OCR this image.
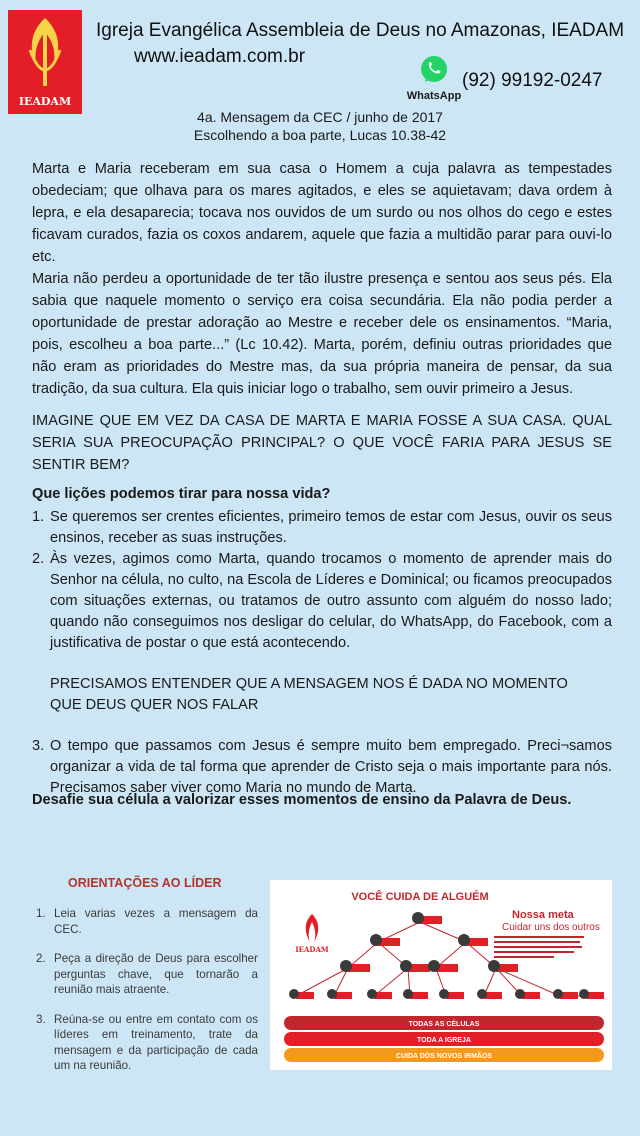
IEADAM
Igreja Evangélica Assembleia de Deus no Amazonas, IEADAM
www.ieadam.com.br
WhatsApp
(92) 99192-0247
4a. Mensagem da CEC / junho de 2017
Escolhendo a boa parte, Lucas 10.38-42

Marta e Maria receberam em sua casa o Homem a cuja palavra as tempestades obedeciam; que olhava para os mares agitados, e eles se aquietavam; dava ordem à lepra, e ela desaparecia; tocava nos ouvidos de um surdo ou nos olhos do cego e estes ficavam curados, fazia os coxos andarem, aquele que fazia a multidão parar para ouvi-lo etc.

Maria não perdeu a oportunidade de ter tão ilustre presença e sentou aos seus pés. Ela sabia que naquele momento o serviço era coisa secundária. Ela não podia perder a oportunidade de prestar adoração ao Mestre e receber dele os ensinamentos. “Maria, pois, escolheu a boa parte...” (Lc 10.42). Marta, porém, definiu outras prioridades que não eram as prioridades do Mestre mas, da sua própria maneira de pensar, da sua tradição, da sua cultura. Ela quis iniciar logo o trabalho, sem ouvir primeiro a Jesus.

IMAGINE QUE EM VEZ DA CASA DE MARTA E MARIA FOSSE A SUA CASA. QUAL SERIA SUA PREOCUPAÇÃO PRINCIPAL? O QUE VOCÊ FARIA PARA JESUS SE SENTIR BEM?
Que lições podemos tirar para nossa vida?
1. Se queremos ser crentes eficientes, primeiro temos de estar com Jesus, ouvir os seus ensinos, receber as suas instruções.
2. Às vezes, agimos como Marta, quando trocamos o momento de aprender mais do Senhor na célula, no culto, na Escola de Líderes e Dominical; ou ficamos preocupados com situações externas, ou tratamos de outro assunto com alguém do nosso lado; quando não conseguimos nos desligar do celular, do WhatsApp, do Facebook, com a justificativa de postar o que está acontecendo.
PRECISAMOS ENTENDER QUE A MENSAGEM NOS É DADA NO MOMENTO QUE DEUS QUER NOS FALAR
3. O tempo que passamos com Jesus é sempre muito bem empregado. Preci¬samos organizar a vida de tal forma que aprender de Cristo seja o mais importante para nós. Precisamos saber viver como Maria no mundo de Marta.
Desafie sua célula a valorizar esses momentos de ensino da Palavra de Deus.
ORIENTAÇÕES AO LÍDER
1. Leia varias vezes a mensagem da CEC.
2. Peça a direção de Deus para escolher perguntas chave, que tornarão a reunião mais atraente.
3. Reúna-se ou entre em contato com os líderes em treinamento, trate da mensagem e da participação de cada um na reunião.
VOCÊ CUIDA DE ALGUÉM
IEADAM
Nossa meta
Cuidar uns dos outros
TODAS AS CÉLULAS
TODA A IGREJA
CUIDA DOS NOVOS IRMÃOS
